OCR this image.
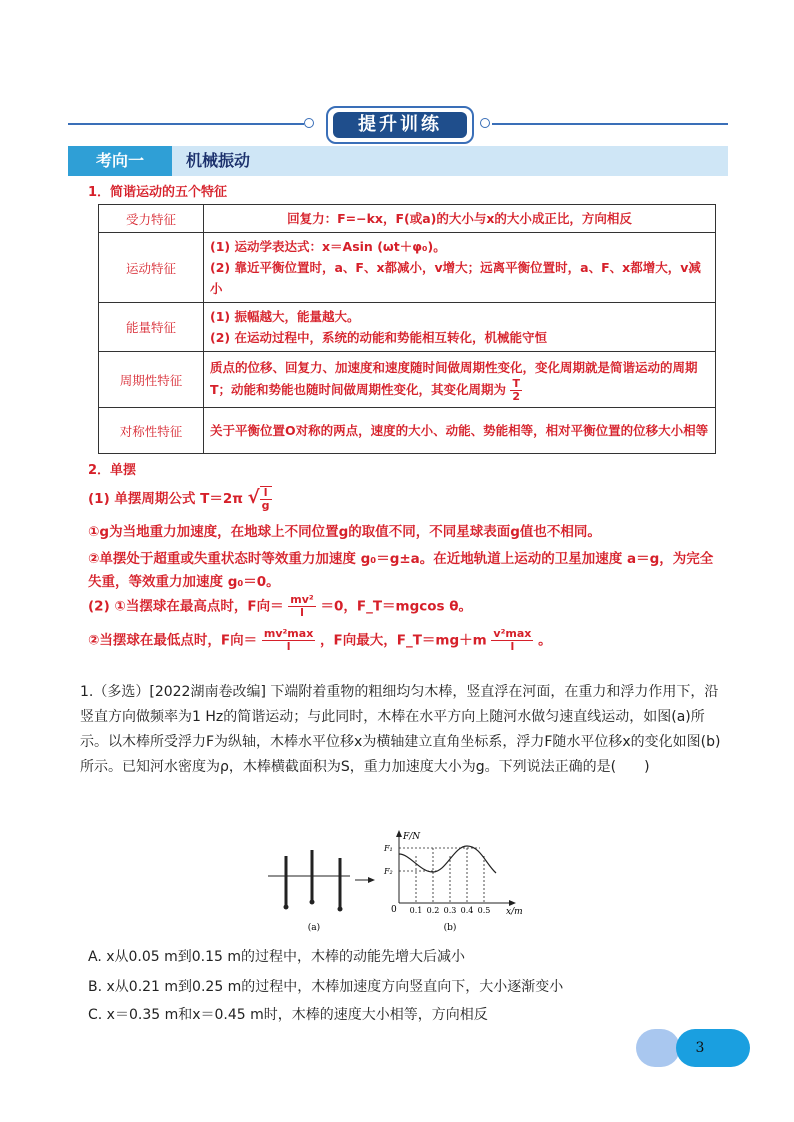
提升训练
考向一	机械振动
1．简谐运动的五个特征
受力特征	回复力：F=−kx，F(或a)的大小与x的大小成正比，方向相反
运动特征	(1) 运动学表达式：x＝Asin (ωt＋φ₀)。
(2) 靠近平衡位置时，a、F、x都减小，v增大；远离平衡位置时，a、F、x都增大，v减小
能量特征	(1) 振幅越大，能量越大。
(2) 在运动过程中，系统的动能和势能相互转化，机械能守恒
周期性特征	质点的位移、回复力、加速度和速度随时间做周期性变化，变化周期就是简谐运动的周期T；动能和势能也随时间做周期性变化，其变化周期为 $\frac{T}{2}$

对称性特征	关于平衡位置O对称的两点，速度的大小、动能、势能相等，相对平衡位置的位移大小相等
2．单摆
(1) 单摆周期公式 T＝2π √ $\frac{l}{g}$
①g为当地重力加速度，在地球上不同位置g的取值不同，不同星球表面g值也不相同。
②单摆处于超重或失重状态时等效重力加速度 g₀＝g±a。在近地轨道上运动的卫星加速度 a＝g，为完全
失重，等效重力加速度 g₀＝0。
(2) ①当摆球在最高点时，F向＝ $\frac{\text{mv²}}{l} =0$，F_T＝mgcos θ。
②当摆球在最低点时，F向＝ $\frac{\text{mv²max}}{l}$ ，F向最大，F_T＝mg＋m $\frac{\text{v²max}}{l}$ 。
1.（多选）[2022湖南卷改编] 下端附着重物的粗细均匀木棒，竖直浮在河面，在重力和浮力作用下，沿竖直方向做频率为1 Hz的简谐运动；与此同时，木棒在水平方向上随河水做匀速直线运动，如图(a)所示。以木棒所受浮力F为纵轴，木棒水平位移x为横轴建立直角坐标系，浮力F随水平位移x的变化如图(b)所示。已知河水密度为ρ，木棒横截面积为S，重力加速度大小为g。下列说法正确的是(　　)
(a)
F/N
x/m
F₁
F₂
0 0.1 0.2 0.3 0.4 0.5
(b)
A. x从0.05 m到0.15 m的过程中，木棒的动能先增大后减小
B. x从0.21 m到0.25 m的过程中，木棒加速度方向竖直向下，大小逐渐变小
C. x＝0.35 m和x＝0.45 m时，木棒的速度大小相等，方向相反
3
